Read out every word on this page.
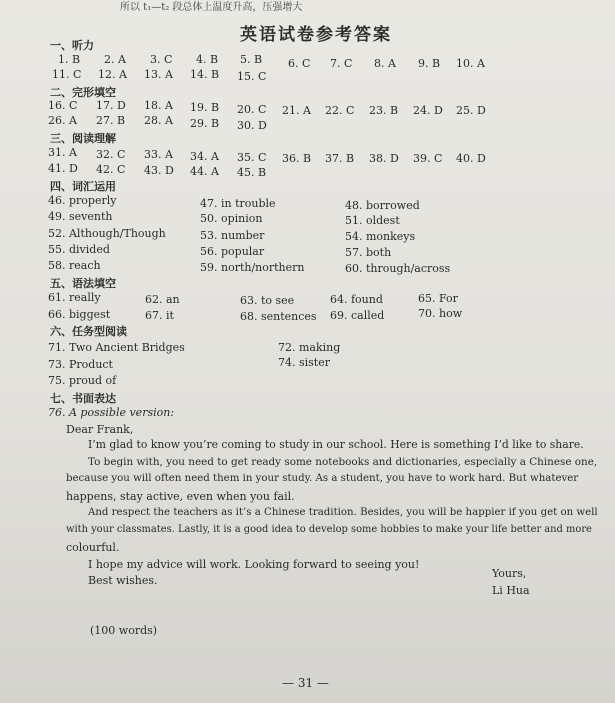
所以 t₁—t₂ 段总体上温度升高，压强增大
英语试卷参考答案
一、听力
1. B 2. A 3. C 4. B 5. B 6. C 7. C 8. A 9. B 10. A
11. C 12. A 13. A 14. B 15. C
二、完形填空
16. C 17. D 18. A 19. B 20. C 21. A 22. C 23. B 24. D 25. D
26. A 27. B 28. A 29. B 30. D
三、阅读理解
31. A 32. C 33. A 34. A 35. C 36. B 37. B 38. D 39. C 40. D
41. D 42. C 43. D 44. A 45. B
四、词汇运用
46. properly	47. in trouble	48. borrowed
49. seventh	50. opinion	51. oldest
52. Although/Though	53. number	54. monkeys
55. divided	56. popular	57. both
58. reach	59. north/northern	60. through/across
五、语法填空
61. really	62. an	63. to see	64. found	65. For
66. biggest	67. it	68. sentences 69. called	70. how
六、任务型阅读
71. Two Ancient Bridges	72. making
73. Product	74. sister
75. proud of
七、书面表达
76. A possible version:
Dear Frank,
I’m glad to know you’re coming to study in our school. Here is something I’d like to share.
To begin with, you need to get ready some notebooks and dictionaries, especially a Chinese one,
because you will often need them in your study. As a student, you have to work hard. But whatever
happens, stay active, even when you fail.
And respect the teachers as it’s a Chinese tradition. Besides, you will be happier if you get on well
with your classmates. Lastly, it is a good idea to develop some hobbies to make your life better and more
colourful.
I hope my advice will work. Looking forward to seeing you!
Best wishes.
Yours,
Li Hua
(100 words)
— 31 —
